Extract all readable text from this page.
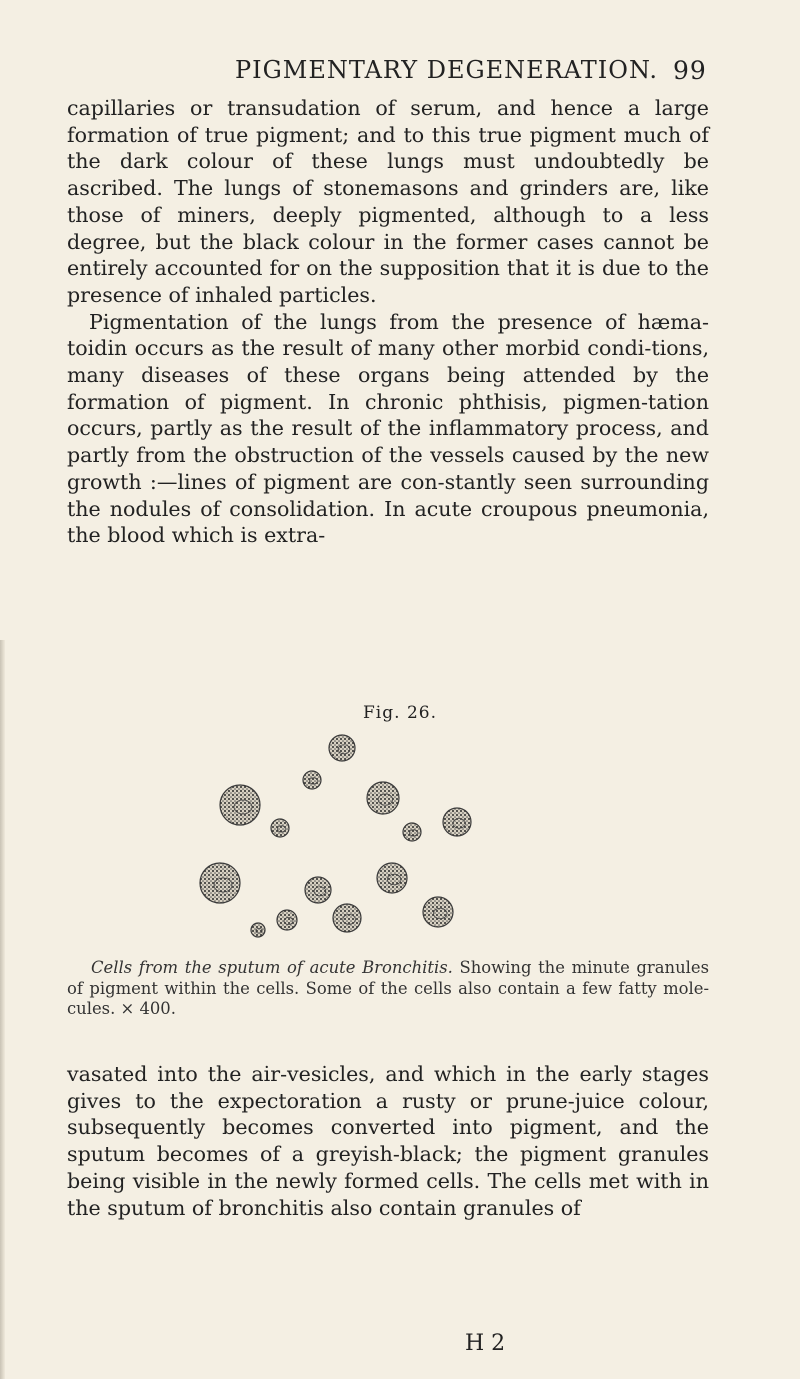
PIGMENTARY DEGENERATION. 99

capillaries or transudation of serum, and hence a large formation of true pigment; and to this true pigment much of the dark colour of these lungs must undoubtedly be ascribed. The lungs of stonemasons and grinders are, like those of miners, deeply pigmented, although to a less degree, but the black colour in the former cases cannot be entirely accounted for on the supposition that it is due to the presence of inhaled particles.

Pigmentation of the lungs from the presence of hæma-toidin occurs as the result of many other morbid condi-tions, many diseases of these organs being attended by the formation of pigment. In chronic phthisis, pigmen-tation occurs, partly as the result of the inflammatory process, and partly from the obstruction of the vessels caused by the new growth :—lines of pigment are con-stantly seen surrounding the nodules of consolidation. In acute croupous pneumonia, the blood which is extra-

Fig. 26.
Cells from the sputum of acute Bronchitis. Showing the minute granules of pigment within the cells. Some of the cells also contain a few fatty mole-cules. × 400.

vasated into the air-vesicles, and which in the early stages gives to the expectoration a rusty or prune-juice colour, subsequently becomes converted into pigment, and the sputum becomes of a greyish-black; the pigment granules being visible in the newly formed cells. The cells met with in the sputum of bronchitis also contain granules of

H 2
